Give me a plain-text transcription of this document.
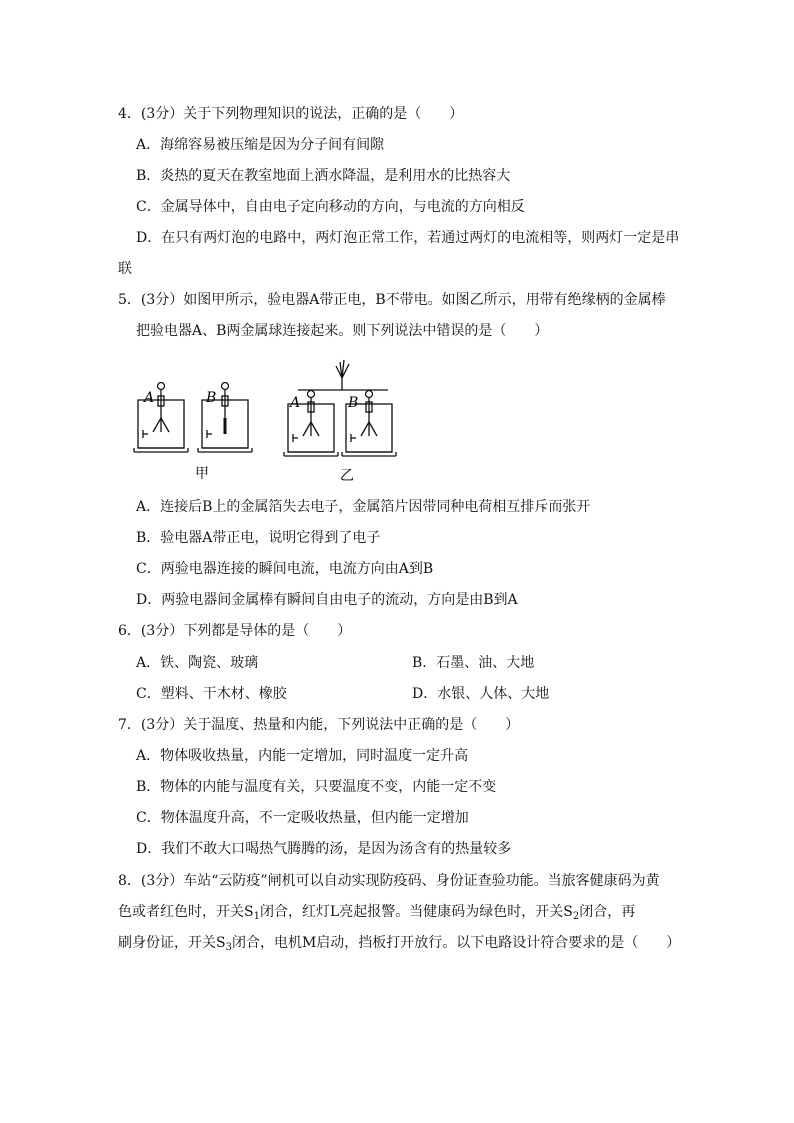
4．(3分）关于下列物理知识的说法，正确的是（　　）
A．海绵容易被压缩是因为分子间有间隙
B．炎热的夏天在教室地面上洒水降温，是利用水的比热容大
C．金属导体中，自由电子定向移动的方向，与电流的方向相反
D．在只有两灯泡的电路中，两灯泡正常工作，若通过两灯的电流相等，则两灯一定是串
联
5．(3分）如图甲所示，验电器A带正电，B不带电。如图乙所示，用带有绝缘柄的金属棒
把验电器A、B两金属球连接起来。则下列说法中错误的是（　　）
A	B	A	B
甲	乙
A．连接后B上的金属箔失去电子，金属箔片因带同种电荷相互排斥而张开
B．验电器A带正电，说明它得到了电子
C．两验电器连接的瞬间电流，电流方向由A到B
D．两验电器间金属棒有瞬间自由电子的流动，方向是由B到A
6．(3分）下列都是导体的是（　　）
A．铁、陶瓷、玻璃	B．石墨、油、大地
C．塑料、干木材、橡胶	D．水银、人体、大地
7．(3分）关于温度、热量和内能，下列说法中正确的是（　　）
A．物体吸收热量，内能一定增加，同时温度一定升高
B．物体的内能与温度有关，只要温度不变，内能一定不变
C．物体温度升高，不一定吸收热量，但内能一定增加
D．我们不敢大口喝热气腾腾的汤，是因为汤含有的热量较多
8．(3分）车站“云防疫”闸机可以自动实现防疫码、身份证查验功能。当旅客健康码为黄
色或者红色时，开关$S_1$闭合，红灯L亮起报警。当健康码为绿色时，开关$S_2$闭合，再
刷身份证，开关$S_3$闭合，电机M启动，挡板打开放行。以下电路设计符合要求的是（　　）
